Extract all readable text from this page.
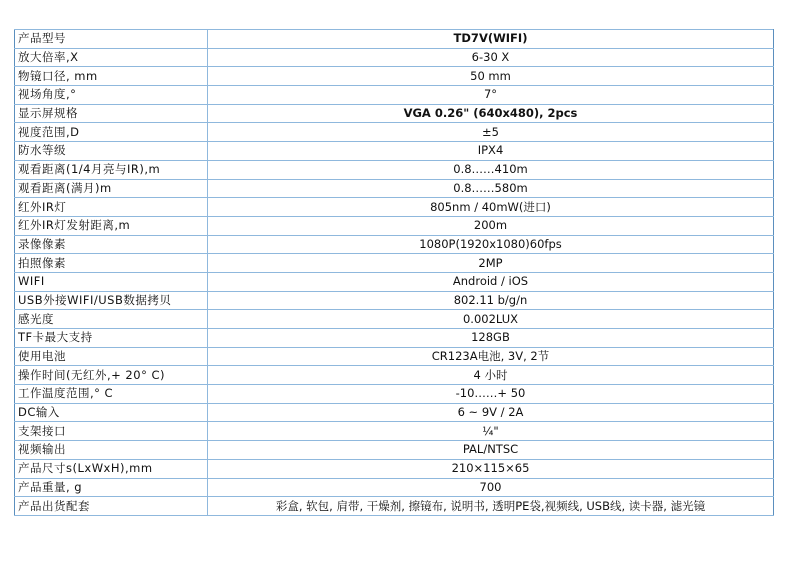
产品型号	TD7V(WIFI)
放大倍率,X	6-30 X
物镜口径, mm	50 mm
视场角度,°	7°
显示屏规格	VGA 0.26" (640x480), 2pcs
视度范围,D	±5
防水等级	IPX4
观看距离(1/4月亮与IR),m	0.8……410m
观看距离(满月)m	0.8……580m
红外IR灯	805nm / 40mW(进口)
红外IR灯发射距离,m	200m
录像像素	1080P(1920x1080)60fps
拍照像素	2MP
WIFI	Android / iOS
USB外接WIFI/USB数据拷贝	802.11 b/g/n
感光度	0.002LUX
TF卡最大支持	128GB
使用电池	CR123A电池, 3V, 2节
操作时间(无红外,+ 20° C)	4 小时
工作温度范围,° C	-10……+ 50
DC输入	6 ~ 9V / 2A
支架接口	¼"
视频输出	PAL/NTSC
产品尺寸s(LxWxH),mm	210×115×65
产品重量, g	700
产品出货配套	彩盒, 软包, 肩带, 干燥剂, 擦镜布, 说明书, 透明PE袋,视频线, USB线, 读卡器, 滤光镜
